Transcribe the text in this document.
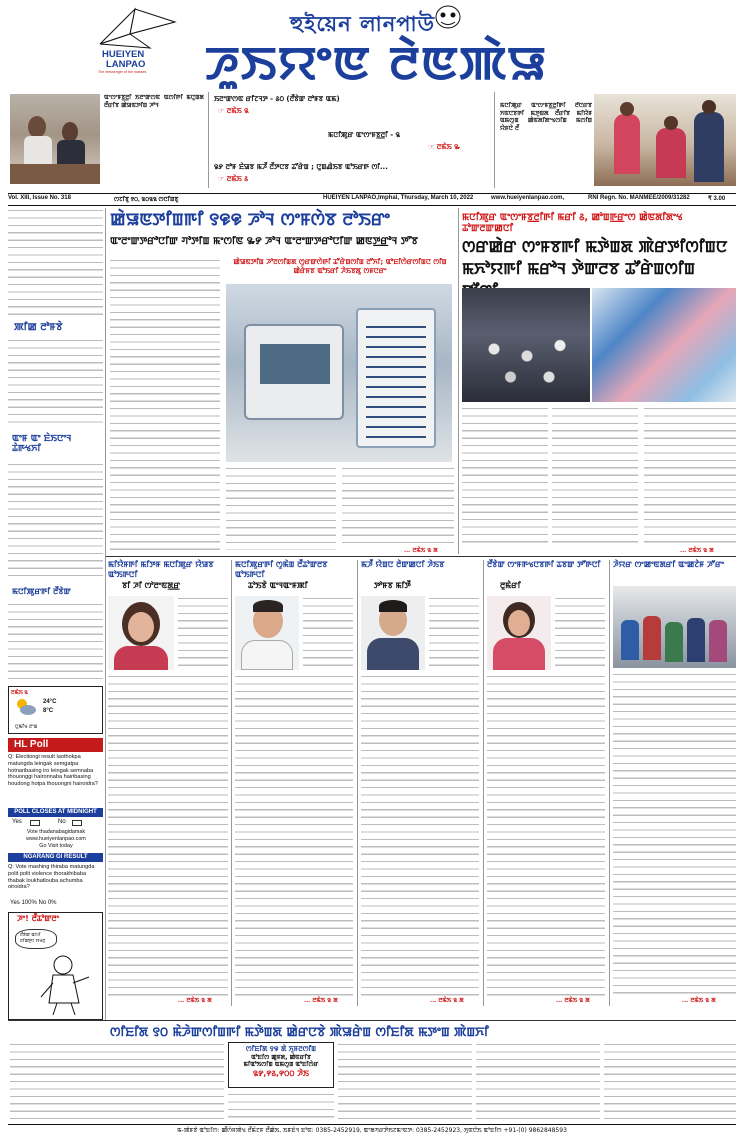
HUEIYEN
LANPAO
The messenger of the masses
হুইয়েন লানপাউ
ꯍꯨꯏꯌꯦꯟ ꯂꯥꯟꯄꯥꯎ
ꯑꯦꯁꯦꯝꯕ꯭ꯂꯤ ꯏꯂꯦꯛꯁꯟ ꯑꯁꯤꯒꯤ ꯃꯅꯨꯡꯗ ꯂꯩꯔꯤꯕ ꯀꯥꯎꯟꯇꯤꯡ ꯍꯣꯜ
ꯏꯂꯦꯛꯁꯟ ꯔꯤꯖꯜꯇ - ꯴꯰ (ꯂꯩꯕꯥꯛ ꯂꯣꯝꯕ ꯑꯃ)
☞ ꯂꯃꯥꯏ ꯲
ꯃꯅꯤꯄꯨꯔ ꯑꯦꯁꯦꯝꯕ꯭ꯂꯤ - ꯲
☞ ꯂꯃꯥꯏ ꯳
꯲꯸ ꯂꯣꯝ ꯐꯥꯎꯕ ꯃꯍꯩ ꯂꯩꯇꯅꯕ ꯊꯧꯔꯥꯡ ; ꯅꯨꯡꯉꯥꯏꯕ ꯑꯣꯏꯔꯒ ꯁꯤ...
☞ ꯂꯃꯥꯏ ꯴
ꯃꯅꯤꯄꯨꯔ ꯑꯦꯁꯦꯝꯕ꯭ꯂꯤꯒꯤ ꯂꯩꯅꯔꯕ ꯈꯟꯅꯕꯒꯤ ꯃꯇꯨꯡꯗ ꯂꯩꯔꯤꯕ ꯃꯤꯌꯥꯝ ꯑꯃꯁꯨꯡ ꯀꯥꯟꯗꯤꯗꯦꯠꯁꯤꯡ ꯃꯁꯤꯡ ꯌꯥꯝꯅꯥ ꯂꯩ
Vol. XIII, Issue No. 318	ꯁꯖꯤꯕꯨ ꯱꯰, ꯲꯰꯲꯲ ꯁꯅꯤꯡꯕꯨ	HUEIYEN LANPAO, Imphal, Thursday, March 10, 2022	www.hueiyenlanpao.com,	RNI Regn. No. MANMEE/2009/31282	₹ 3.00
ꯄꯤꯀ ꯂꯣꯝꯕꯥ
ꯑꯦꯝ ꯑꯦ ꯐꯥꯏꯅꯦꯜ ꯊꯥꯒꯠꯈꯤ
ꯃꯅꯤꯄꯨꯔꯒꯤ ꯂꯩꯕꯥꯛ
ꯂꯃꯥꯏ ꯲
24°C
8°C
ꯅꯨꯃꯤꯠ ꯂꯦꯡ
HL Poll
Q: Electiongi result laothokpa matungda leingak semgatpa hotnaribasing iro leingak semnaba thouonggi haironnaba hairibasing houdong hotpa thouongni hairoidra?
POLL CLOSES AT MIDNIGHT
Yes	No
Vote thadanabagidamak www.hueiyenlanpao.com
Go Visit today
NGARANG GI RESULT
Q: Vote mashing thiraba matungda polit polit violence thorakhibaba thabak loukhatlouba achumba oiroidra?
Yes 100% No 0%
ꯍꯦ! ꯂꯩꯊꯣꯛꯂꯦ
ꯂꯩꯕꯥꯛ ꯑꯁꯤ ꯂꯤꯡꯇꯨꯅ ꯆꯠꯂꯨ
ꯀꯥꯎꯟꯇꯤꯡꯒꯤ ꯱꯶꯶ ꯍꯣꯜ ꯁꯦꯝꯁꯥꯕ ꯂꯣꯏꯔꯦ
ꯑꯦꯂꯦꯛꯇꯔꯣꯅꯤꯛ ꯚꯣꯇꯤꯡ ꯃꯦꯁꯤꯟ ꯳꯸ ꯍꯣꯜ ꯑꯦꯂꯦꯛꯇꯔꯣꯅꯤꯛ ꯀꯟꯇ꯭ꯔꯣꯜ ꯇꯧꯕ
ꯀꯥꯎꯟꯇꯤꯡ ꯍꯣꯂꯁꯤꯡꯗ ꯁꯨꯔꯛꯁꯥꯒꯤ ꯊꯧꯔꯥꯡꯁꯤꯡ ꯂꯧꯈꯤ; ꯑꯣꯐꯤꯁꯥꯔꯁꯤꯡꯅ ꯁꯤꯡ ꯀꯥꯔꯥꯝꯕ ꯑꯣꯏꯔꯤ ꯍꯥꯏꯕꯗꯨ ꯁꯝꯅꯔꯦ
... ꯂꯃꯥꯏ ꯲ ꯗ
ꯃꯅꯤꯄꯨꯔ ꯑꯦꯁꯦꯝꯕ꯭ꯂꯤꯒꯤ ꯃꯔꯤ ꯴, ꯀꯣꯡꯒ꯭ꯔꯦꯁ ꯀꯥꯟꯗꯤꯗꯦꯠ ꯊꯣꯛꯂꯛꯀꯅꯤ
ꯁꯔꯀꯥꯔ ꯁꯦꯝꯕꯒꯤ ꯃꯇꯥꯡꯗ ꯄꯥꯔꯇꯤꯁꯤꯡꯅ ꯃꯈꯣꯌꯒꯤ ꯃꯔꯣꯜ ꯇꯥꯛꯂꯕ ꯊꯧꯔꯥꯡꯁꯤꯡ
... ꯂꯃꯥꯏ ꯲ ꯗ
ꯃꯤꯌꯥꯝꯒꯤ ꯃꯤꯇꯝ ꯃꯅꯤꯄꯨꯔ ꯌꯥꯎꯕ ꯑꯣꯏꯒꯅꯤ
ꯕꯤ ꯍꯤ ꯁꯣꯂꯦꯟꯗ꯭ꯔ
... ꯂꯃꯥꯏ ꯲ ꯗ
ꯃꯅꯤꯄꯨꯔꯒꯤ ꯁꯨꯃꯥꯡ ꯂꯩꯊꯣꯛꯂꯕ ꯑꯣꯏꯒꯅꯤ
ꯊꯣꯏꯕꯥ ꯑꯦꯜꯑꯦꯝꯄꯤ
... ꯂꯃꯥꯏ ꯲ ꯗ
ꯃꯍꯩ ꯌꯥꯡꯅ ꯂꯥꯛꯀꯅꯤ ꯍꯥꯏꯕ
ꯇꯣꯝꯕ ꯃꯤꯇꯩ
... ꯂꯃꯥꯏ ꯲ ꯗ
ꯂꯩꯕꯥꯛ ꯁꯦꯝꯒꯠꯅꯕꯒꯤ ꯊꯕꯛ ꯇꯧꯒꯅꯤ
ꯂꯨꯃꯥꯔꯤ
... ꯂꯃꯥꯏ ꯲ ꯗ
ꯍꯥꯌꯔ ꯁꯦꯀꯦꯟꯗꯔꯤ ꯑꯦꯀꯖꯥꯝ ꯍꯧꯔꯦ
... ꯂꯃꯥꯏ ꯲ ꯗ
ꯁꯤꯐꯤꯗ ꯱꯰ ꯃꯥꯍꯥꯛꯁꯤꯡꯒꯤ ꯃꯇꯥꯡꯗ ꯀꯥꯔꯅꯕꯥ ꯄꯥꯎꯔꯥꯡ ꯁꯤꯐꯤꯗ ꯃꯇꯦꯡ ꯄꯥꯡꯈꯤ
ꯁꯤꯐꯤꯗ ꯱꯶ ꯗꯥ ꯈꯨꯝꯂꯁꯤꯡ
ꯑꯣꯐꯤꯁ ꯀꯨꯝꯗ, ꯀꯥꯟꯔꯤꯕ
ꯃꯤꯑꯣꯏꯁꯤꯡ ꯑꯃꯁꯨꯡ ꯑꯣꯐꯤꯁꯥꯔ
꯲꯸,꯵꯴,꯵꯰꯰ ꯍꯥꯏ
ꯃ-ꯄꯥꯝꯕꯥ ꯑꯣꯐꯤꯁ: ꯀꯩꯁꯥꯝꯄꯥꯠ ꯂꯩꯃꯥꯖꯝ ꯂꯩꯀꯥꯏ, ꯏꯝꯐꯥꯜ ꯐꯣꯟ: 0385-2452919, ꯑꯦꯗꯚꯔꯇꯥꯏꯖꯃꯦꯟꯇ: 0385-2452923, ꯈꯨꯟꯅꯥꯏ ꯑꯣꯐꯤꯁ +91-(0) 9862848593
